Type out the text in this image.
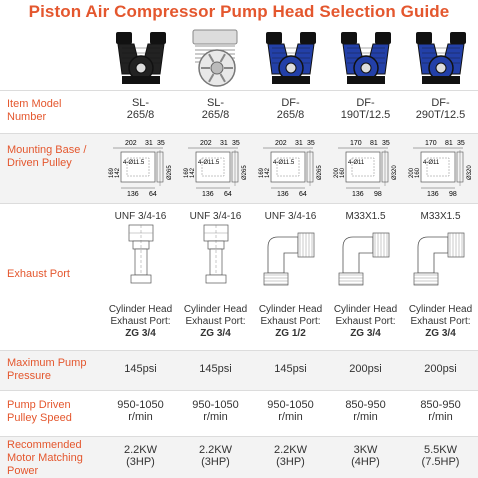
Piston Air Compressor Pump Head Selection Guide
Item Model Number
Mounting Base / Driven Pulley
Exhaust Port
Maximum Pump Pressure
Pump Driven Pulley Speed
Recommended Motor Matching Power
SL-
265/8
202 31 35
4-Ø11.5
Ø265
169 142
136 64
UNF 3/4-16
Cylinder Head
Exhaust Port:
ZG 3/4
145psi
950-1050
r/min
2.2KW
(3HP)
SL-
265/8
202 31 35
4-Ø11.5
Ø265
169 142
136 64
UNF 3/4-16
Cylinder Head
Exhaust Port:
ZG 3/4
145psi
950-1050
r/min
2.2KW
(3HP)
DF-
265/8
202 31 35
4-Ø11.5
Ø265
169 142
136 64
UNF 3/4-16
Cylinder Head
Exhaust Port:
ZG 1/2
145psi
950-1050
r/min
2.2KW
(3HP)
DF-
190T/12.5
170 81 35
4-Ø11
Ø320
200 160
136 98
M33X1.5
Cylinder Head
Exhaust Port:
ZG 3/4
200psi
850-950
r/min
3KW
(4HP)
DF-
290T/12.5
170 81 35
4-Ø11
Ø320
200 160
136 98
M33X1.5
Cylinder Head
Exhaust Port:
ZG 3/4
200psi
850-950
r/min
5.5KW
(7.5HP)
